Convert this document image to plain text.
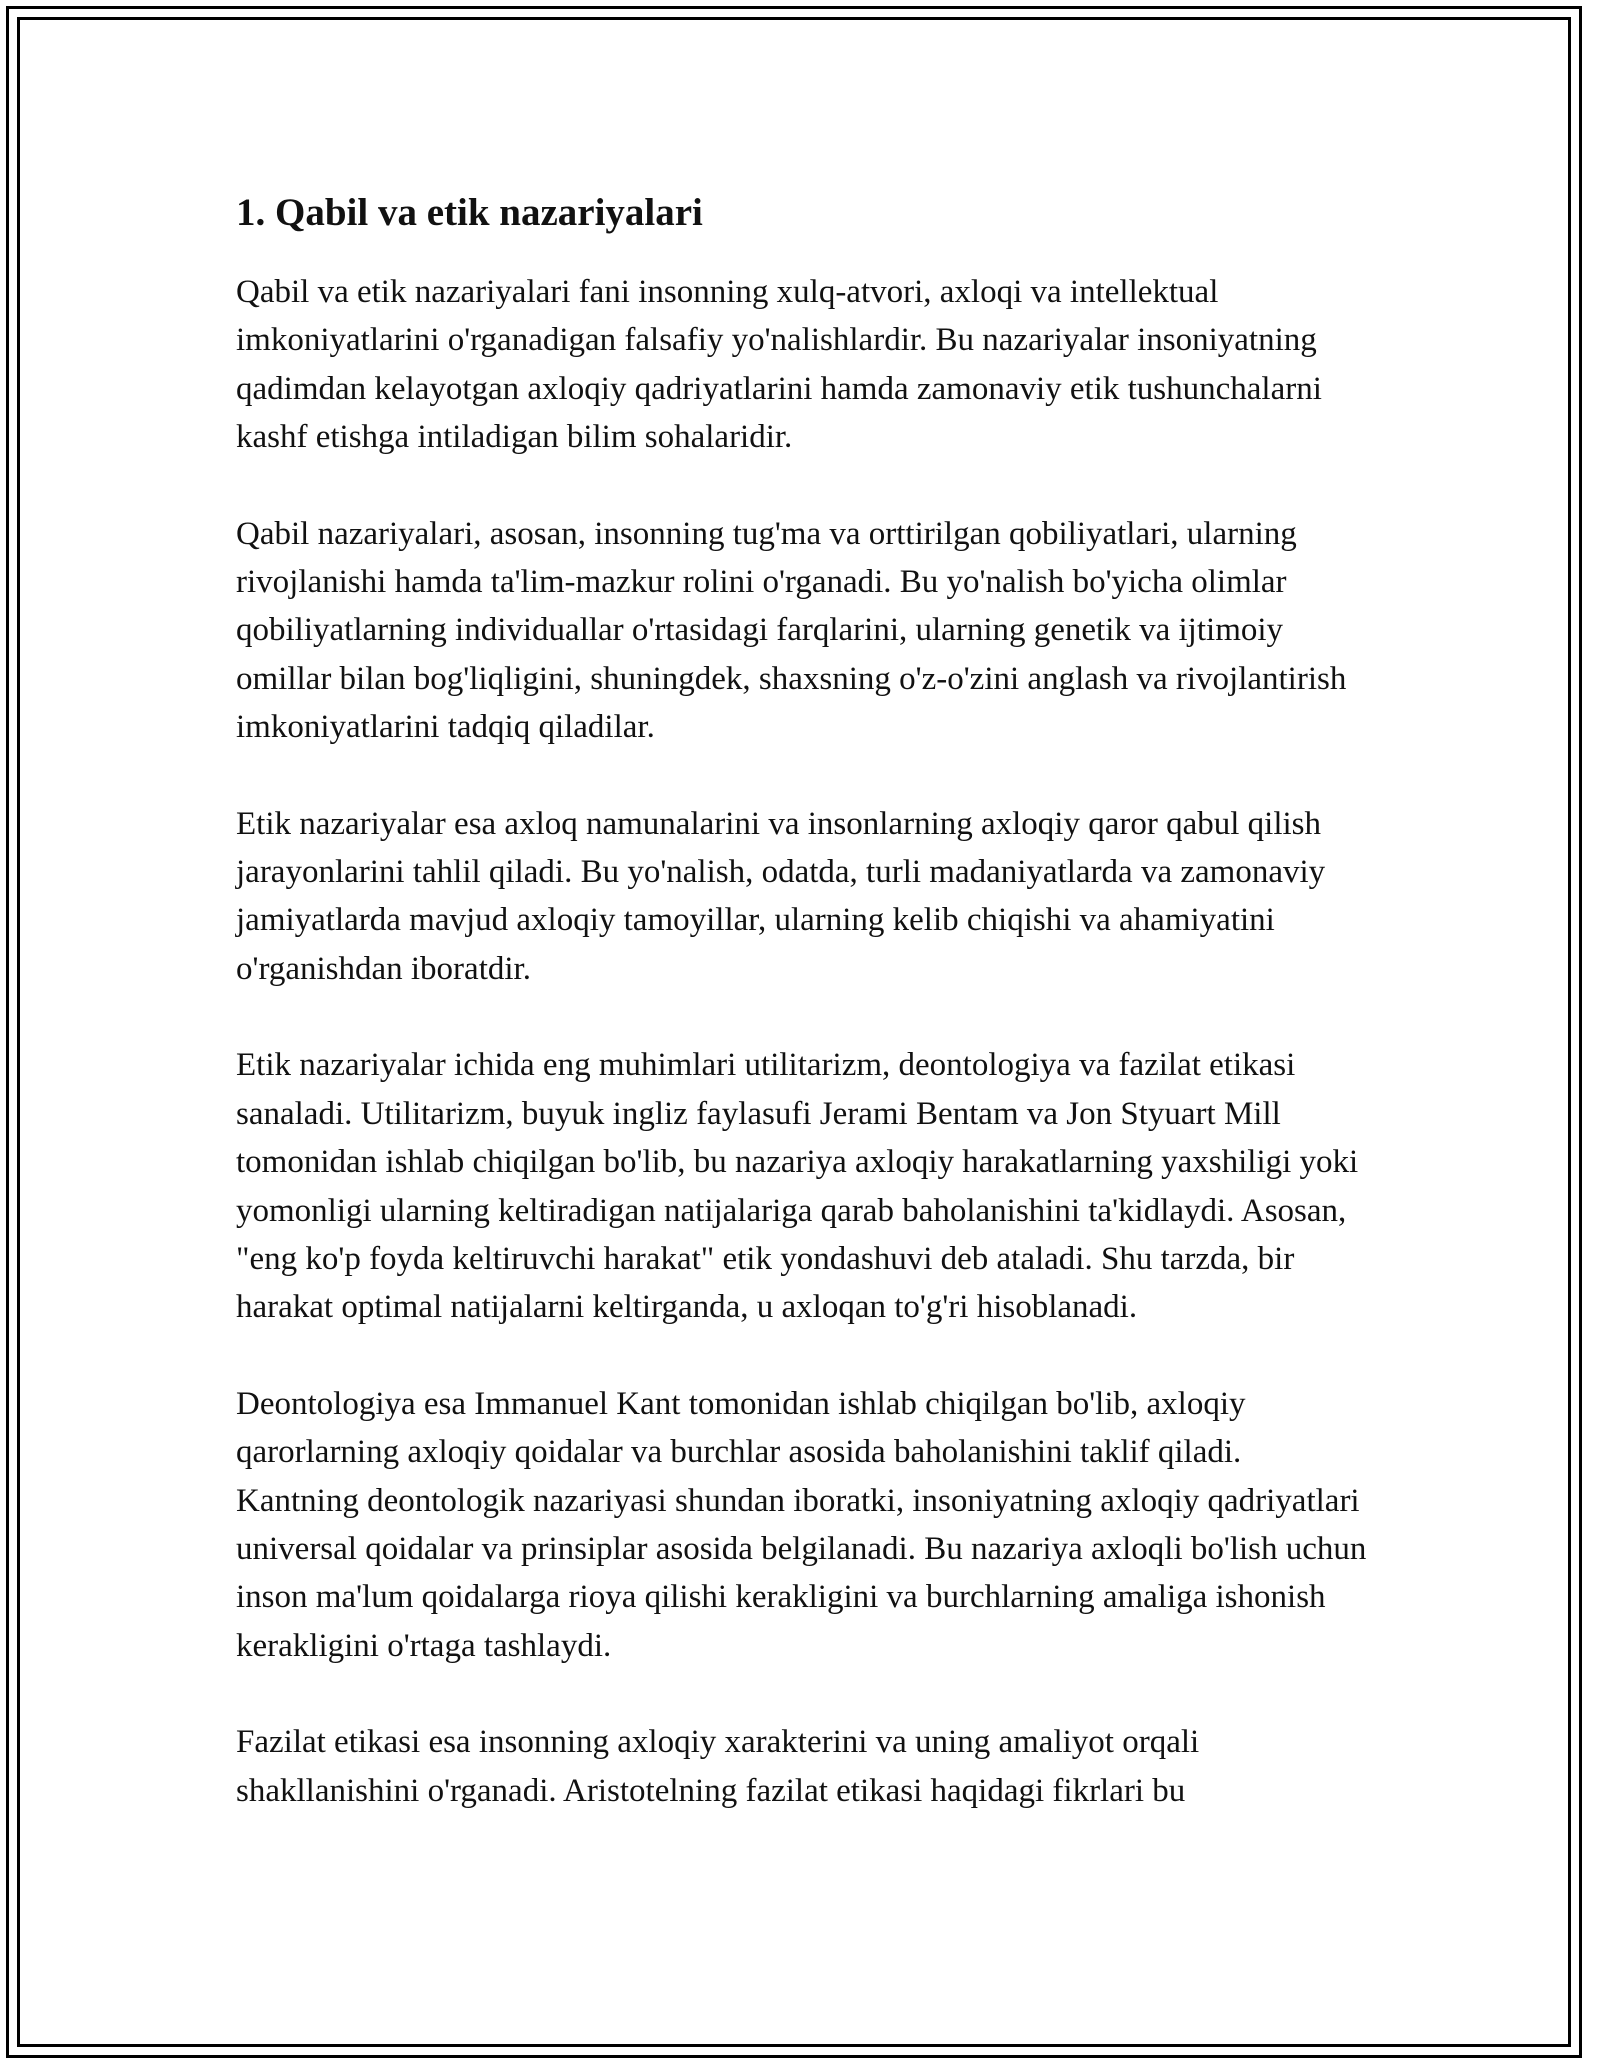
1. Qabil va etik nazariyalari

Qabil va etik nazariyalari fani insonning xulq-atvori, axloqi va intellektual imkoniyatlarini o'rganadigan falsafiy yo'nalishlardir. Bu nazariyalar insoniyatning qadimdan kelayotgan axloqiy qadriyatlarini hamda zamonaviy etik tushunchalarni kashf etishga intiladigan bilim sohalaridir.

Qabil nazariyalari, asosan, insonning tug'ma va orttirilgan qobiliyatlari, ularning rivojlanishi hamda ta'lim-mazkur rolini o'rganadi. Bu yo'nalish bo'yicha olimlar qobiliyatlarning individuallar o'rtasidagi farqlarini, ularning genetik va ijtimoiy omillar bilan bog'liqligini, shuningdek, shaxsning o'z-o'zini anglash va rivojlantirish imkoniyatlarini tadqiq qiladilar.

Etik nazariyalar esa axloq namunalarini va insonlarning axloqiy qaror qabul qilish jarayonlarini tahlil qiladi. Bu yo'nalish, odatda, turli madaniyatlarda va zamonaviy jamiyatlarda mavjud axloqiy tamoyillar, ularning kelib chiqishi va ahamiyatini o'rganishdan iboratdir.

Etik nazariyalar ichida eng muhimlari utilitarizm, deontologiya va fazilat etikasi sanaladi. Utilitarizm, buyuk ingliz faylasufi Jerami Bentam va Jon Styuart Mill tomonidan ishlab chiqilgan bo'lib, bu nazariya axloqiy harakatlarning yaxshiligi yoki yomonligi ularning keltiradigan natijalariga qarab baholanishini ta'kidlaydi. Asosan, "eng ko'p foyda keltiruvchi harakat" etik yondashuvi deb ataladi. Shu tarzda, bir harakat optimal natijalarni keltirganda, u axloqan to'g'ri hisoblanadi.

Deontologiya esa Immanuel Kant tomonidan ishlab chiqilgan bo'lib, axloqiy qarorlarning axloqiy qoidalar va burchlar asosida baholanishini taklif qiladi. Kantning deontologik nazariyasi shundan iboratki, insoniyatning axloqiy qadriyatlari universal qoidalar va prinsiplar asosida belgilanadi. Bu nazariya axloqli bo'lish uchun inson ma'lum qoidalarga rioya qilishi kerakligini va burchlarning amaliga ishonish kerakligini o'rtaga tashlaydi.

Fazilat etikasi esa insonning axloqiy xarakterini va uning amaliyot orqali shakllanishini o'rganadi. Aristotelning fazilat etikasi haqidagi fikrlari bu
